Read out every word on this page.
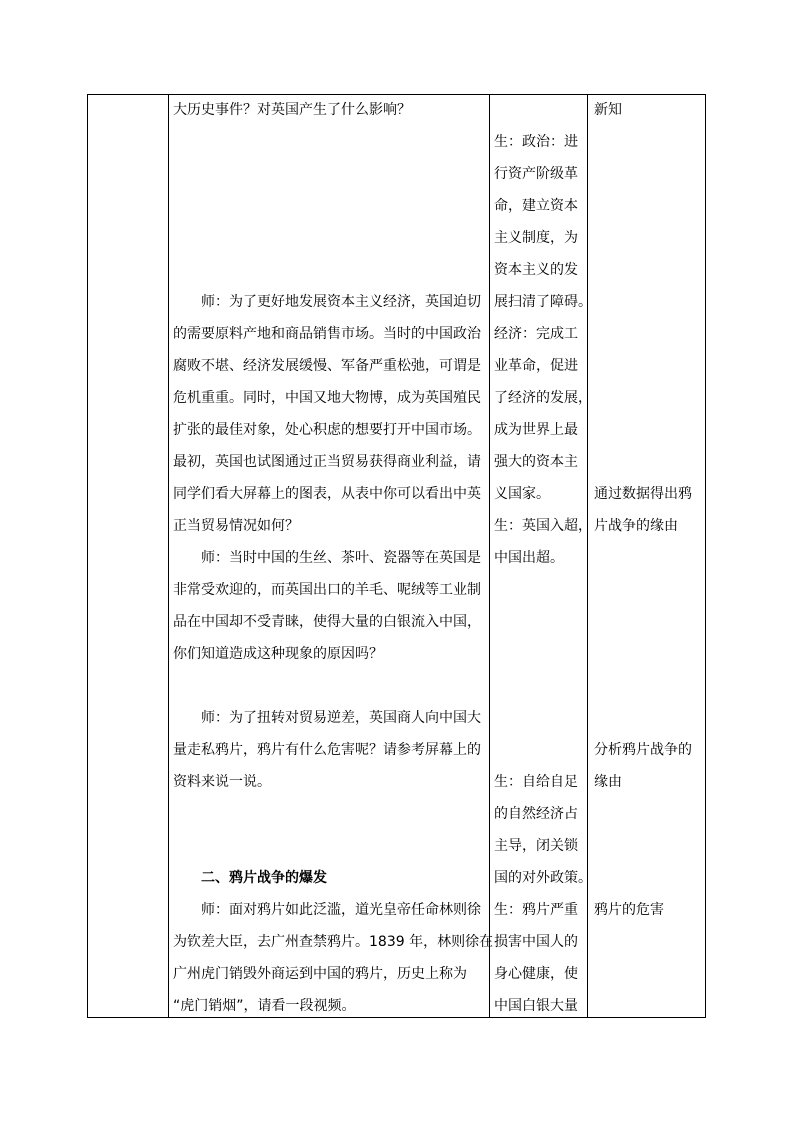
大历史事件？对英国产生了什么影响？
师：为了更好地发展资本主义经济，英国迫切
的需要原料产地和商品销售市场。当时的中国政治
腐败不堪、经济发展缓慢、军备严重松弛，可谓是
危机重重。同时，中国又地大物博，成为英国殖民
扩张的最佳对象，处心积虑的想要打开中国市场。
最初，英国也试图通过正当贸易获得商业利益，请
同学们看大屏幕上的图表，从表中你可以看出中英
正当贸易情况如何？
师：当时中国的生丝、茶叶、瓷器等在英国是
非常受欢迎的，而英国出口的羊毛、呢绒等工业制
品在中国却不受青睐，使得大量的白银流入中国，
你们知道造成这种现象的原因吗？
师：为了扭转对贸易逆差，英国商人向中国大
量走私鸦片，鸦片有什么危害呢？请参考屏幕上的
资料来说一说。
二、鸦片战争的爆发
师：面对鸦片如此泛滥，道光皇帝任命林则徐
为钦差大臣，去广州查禁鸦片。1839 年，林则徐在
广州虎门销毁外商运到中国的鸦片，历史上称为
“虎门销烟”，请看一段视频。
生：政治：进
行资产阶级革
命，建立资本
主义制度，为
资本主义的发
展扫清了障碍。
经济：完成工
业革命，促进
了经济的发展，
成为世界上最
强大的资本主
义国家。
生：英国入超，
中国出超。
生：自给自足
的自然经济占
主导，闭关锁
国的对外政策。
生：鸦片严重
损害中国人的
身心健康，使
中国白银大量
新知
通过数据得出鸦
片战争的缘由
分析鸦片战争的
缘由
鸦片的危害
